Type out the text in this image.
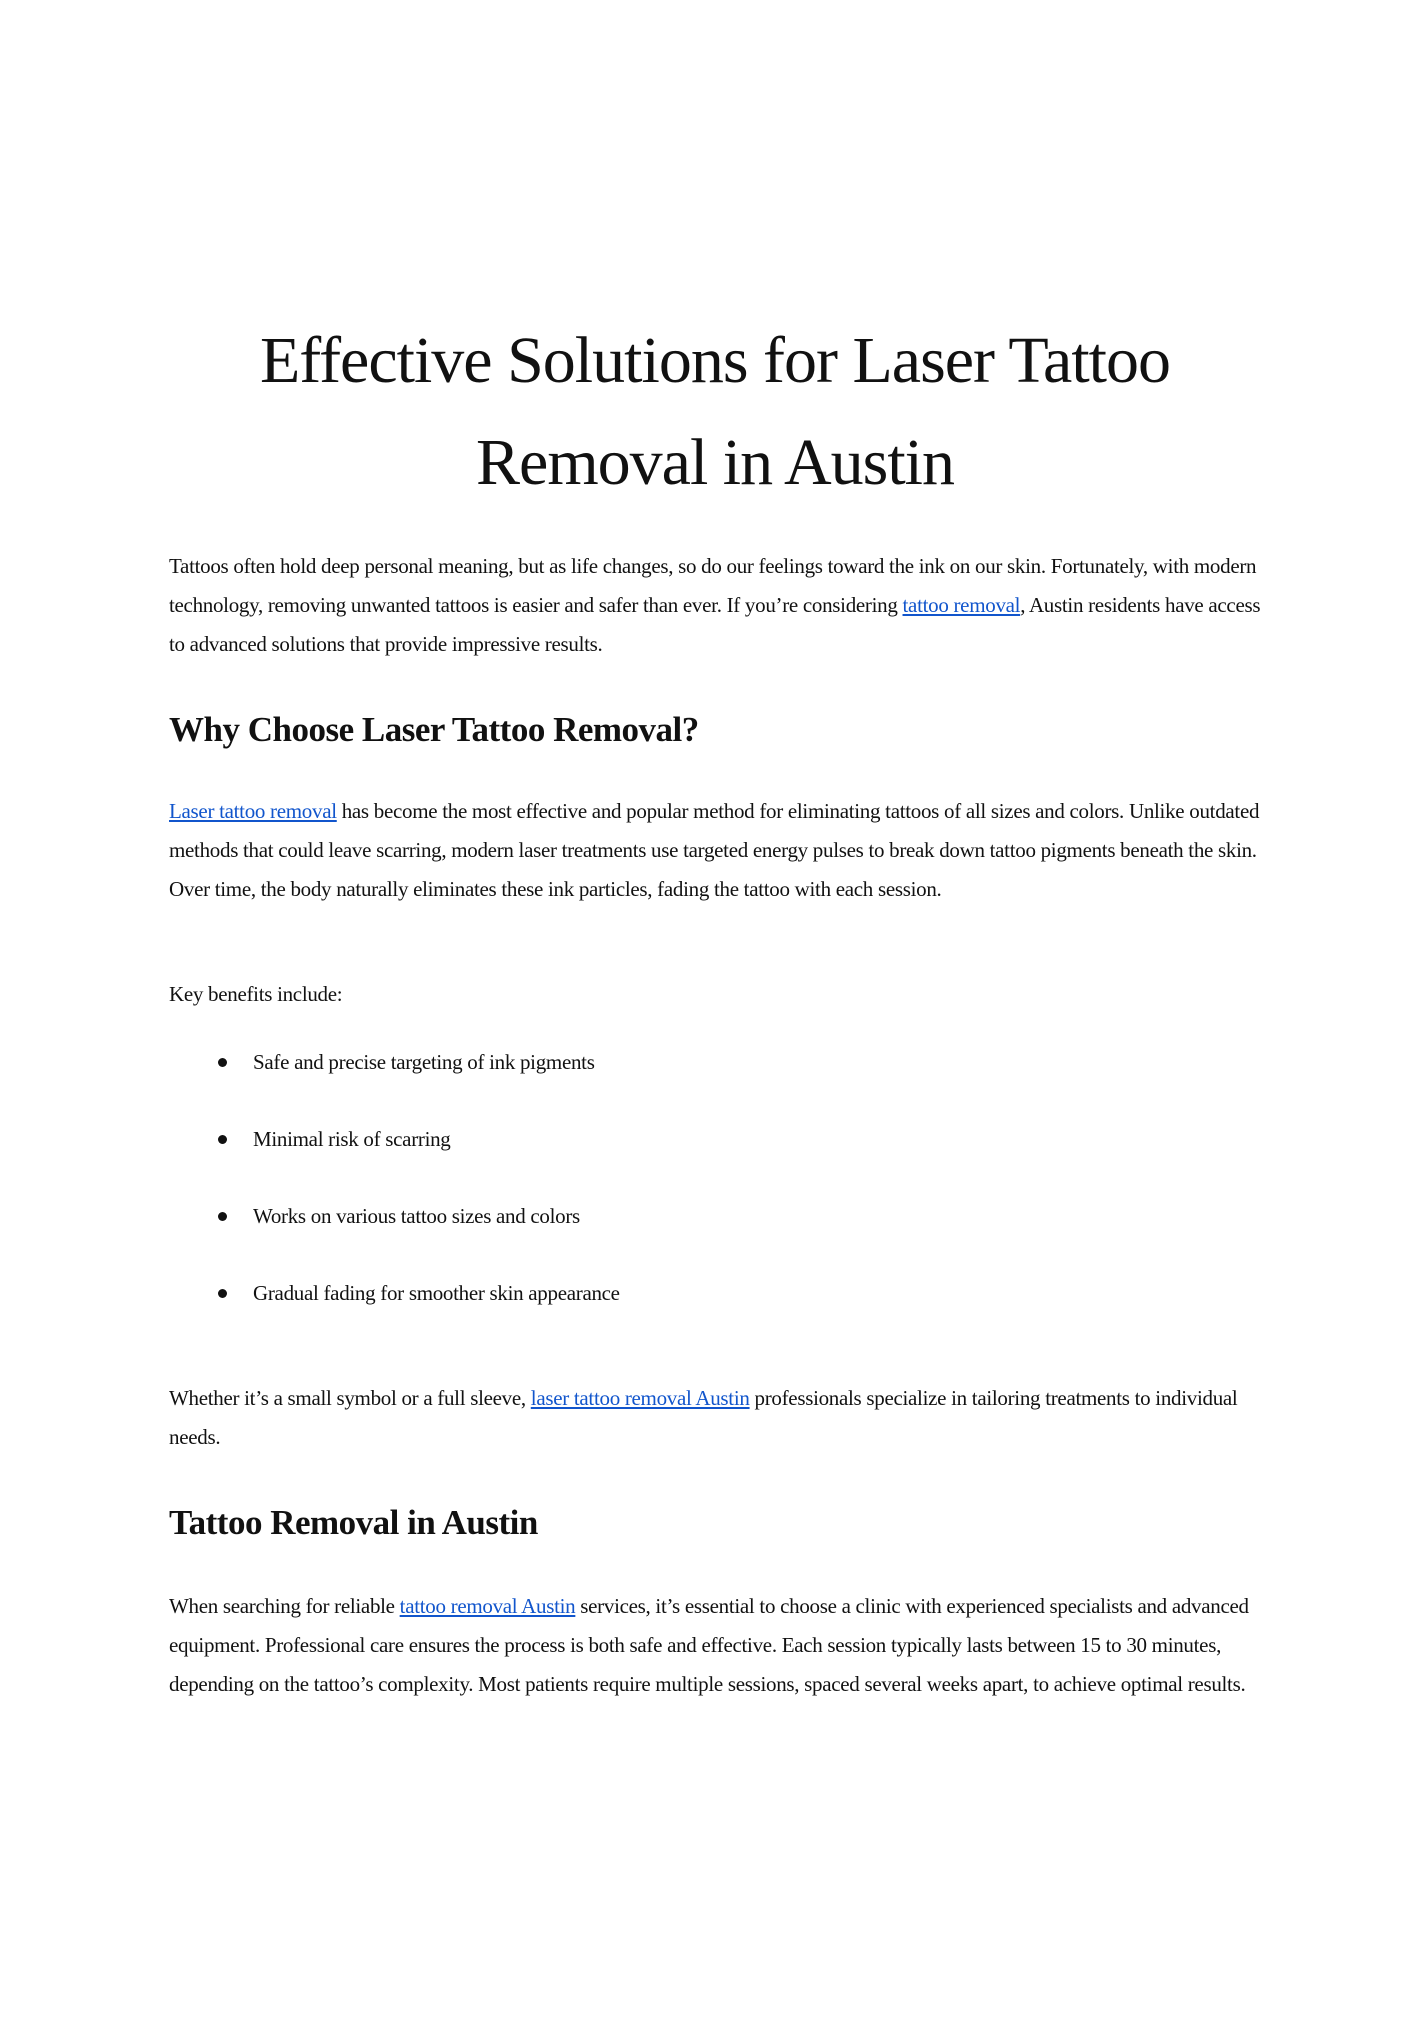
Effective Solutions for Laser Tattoo Removal in Austin

Tattoos often hold deep personal meaning, but as life changes, so do our feelings toward the ink on our skin. Fortunately, with modern technology, removing unwanted tattoos is easier and safer than ever. If you’re considering tattoo removal, Austin residents have access to advanced solutions that provide impressive results.

Why Choose Laser Tattoo Removal?

Laser tattoo removal has become the most effective and popular method for eliminating tattoos of all sizes and colors. Unlike outdated methods that could leave scarring, modern laser treatments use targeted energy pulses to break down tattoo pigments beneath the skin. Over time, the body naturally eliminates these ink particles, fading the tattoo with each session.

Key benefits include:

Safe and precise targeting of ink pigments
Minimal risk of scarring
Works on various tattoo sizes and colors
Gradual fading for smoother skin appearance

Whether it’s a small symbol or a full sleeve, laser tattoo removal Austin professionals specialize in tailoring treatments to individual needs.

Tattoo Removal in Austin

When searching for reliable tattoo removal Austin services, it’s essential to choose a clinic with experienced specialists and advanced equipment. Professional care ensures the process is both safe and effective. Each session typically lasts between 15 to 30 minutes, depending on the tattoo’s complexity. Most patients require multiple sessions, spaced several weeks apart, to achieve optimal results.
